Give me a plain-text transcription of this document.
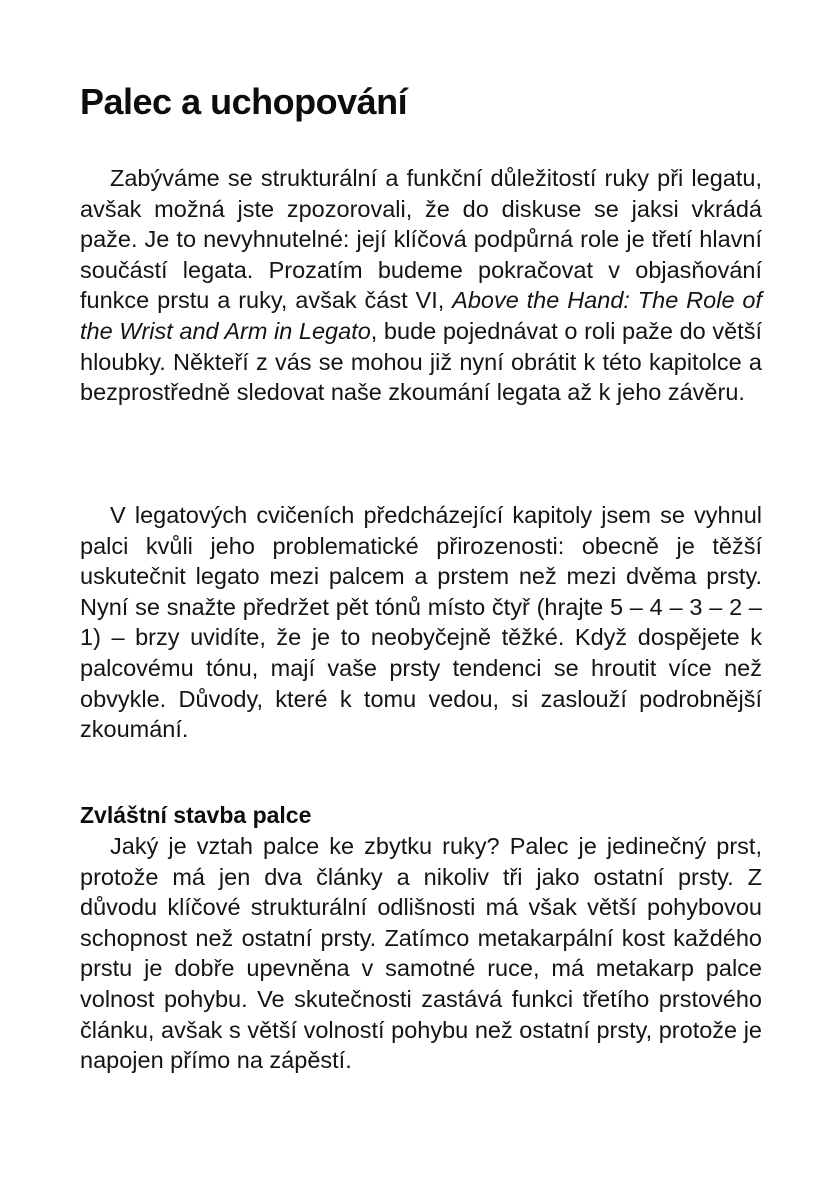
Palec a uchopování

Zabýváme se strukturální a funkční důležitostí ruky při legatu, avšak možná jste zpozorovali, že do diskuse se jaksi vkrádá paže. Je to nevyhnutelné: její klíčová podpůrná role je třetí hlavní součástí legata. Prozatím budeme pokračovat v objasňování funkce prstu a ruky, avšak část VI, Above the Hand: The Role of the Wrist and Arm in Legato, bude pojednávat o roli paže do větší hloubky. Někteří z vás se mohou již nyní obrátit k této kapitolce a bezprostředně sledovat naše zkoumání legata až k jeho závěru.

V legatových cvičeních předcházející kapitoly jsem se vyhnul palci kvůli jeho problematické přirozenosti: obecně je těžší uskutečnit legato mezi palcem a prstem než mezi dvěma prsty. Nyní se snažte předržet pět tónů místo čtyř (hrajte 5 – 4 – 3 – 2 – 1) – brzy uvidíte, že je to neobyčejně těžké. Když dospějete k palcovému tónu, mají vaše prsty tendenci se hroutit více než obvykle. Důvody, které k tomu vedou, si zaslouží podrobnější zkoumání.

Zvláštní stavba palce

Jaký je vztah palce ke zbytku ruky? Palec je jedinečný prst, protože má jen dva články a nikoliv tři jako ostatní prsty. Z důvodu klíčové strukturální odlišnosti má však větší pohybovou schopnost než ostatní prsty. Zatímco metakarpální kost každého prstu je dobře upevněna v samotné ruce, má metakarp palce volnost pohybu. Ve skutečnosti zastává funkci třetího prstového článku, avšak s větší volností pohybu než ostatní prsty, protože je napojen přímo na zápěstí.
